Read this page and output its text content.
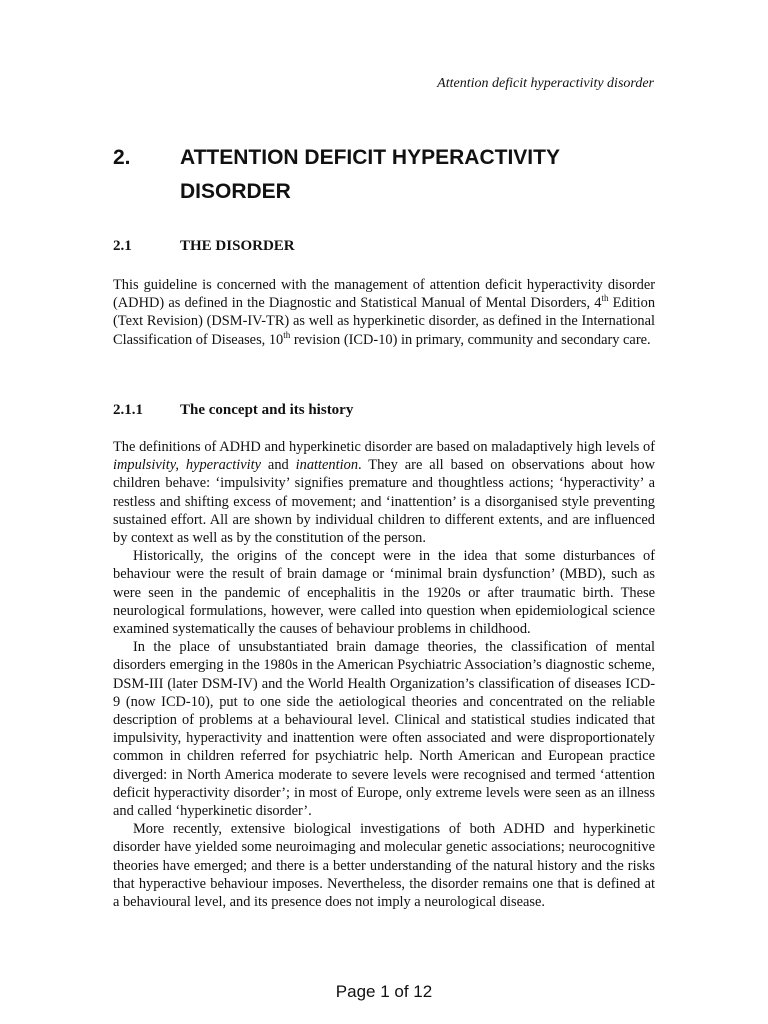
Attention deficit hyperactivity disorder
2.	ATTENTION DEFICIT HYPERACTIVITY DISORDER
2.1	THE DISORDER

This guideline is concerned with the management of attention deficit hyperactivity disorder (ADHD) as defined in the Diagnostic and Statistical Manual of Mental Disorders, 4th Edition (Text Revision) (DSM-IV-TR) as well as hyperkinetic disorder, as defined in the International Classification of Diseases, 10th revision (ICD-10) in primary, community and secondary care.

2.1.1	The concept and its history

The definitions of ADHD and hyperkinetic disorder are based on maladaptively high levels of impulsivity, hyperactivity and inattention. They are all based on observations about how children behave: ‘impulsivity’ signifies premature and thoughtless actions; ‘hyperactivity’ a restless and shifting excess of movement; and ‘inattention’ is a disorganised style preventing sustained effort. All are shown by individual children to different extents, and are influenced by context as well as by the constitution of the person.

Historically, the origins of the concept were in the idea that some disturbances of behaviour were the result of brain damage or ‘minimal brain dysfunction’ (MBD), such as were seen in the pandemic of encephalitis in the 1920s or after traumatic birth. These neurological formulations, however, were called into question when epidemiological science examined systematically the causes of behaviour problems in childhood.

In the place of unsubstantiated brain damage theories, the classification of mental disorders emerging in the 1980s in the American Psychiatric Association’s diagnostic scheme, DSM-III (later DSM-IV) and the World Health Organization’s classification of diseases ICD-9 (now ICD-10), put to one side the aetiological theories and concentrated on the reliable description of problems at a behavioural level. Clinical and statistical studies indicated that impulsivity, hyperactivity and inattention were often associated and were disproportionately common in children referred for psychiatric help. North American and European practice diverged: in North America moderate to severe levels were recognised and termed ‘attention deficit hyperactivity disorder’; in most of Europe, only extreme levels were seen as an illness and called ‘hyperkinetic disorder’.

More recently, extensive biological investigations of both ADHD and hyperkinetic disorder have yielded some neuroimaging and molecular genetic associations; neurocognitive theories have emerged; and there is a better understanding of the natural history and the risks that hyperactive behaviour imposes. Nevertheless, the disorder remains one that is defined at a behavioural level, and its presence does not imply a neurological disease.

Page 1 of 12
